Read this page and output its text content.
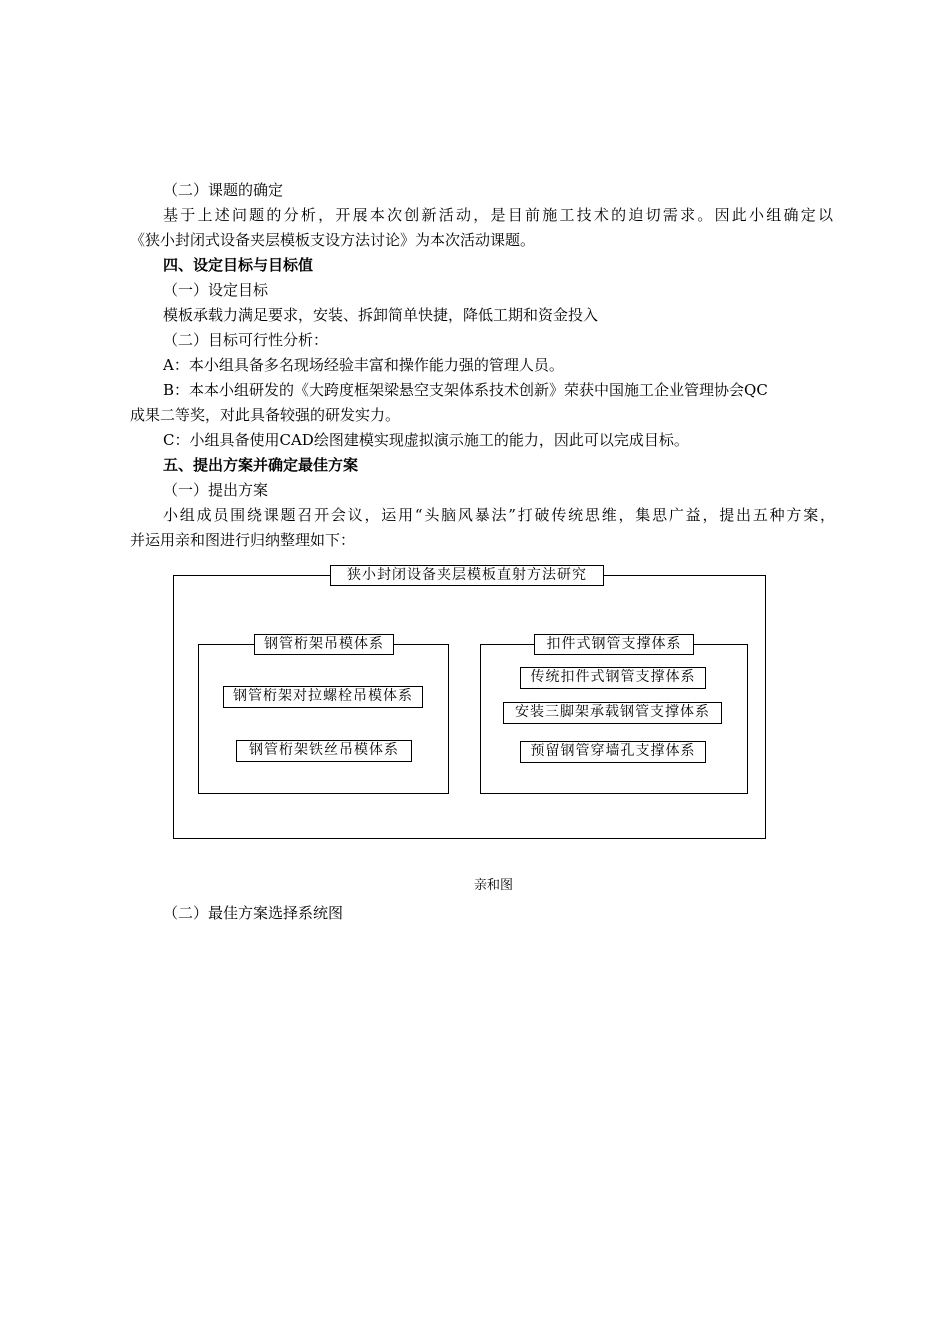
（二）课题的确定
基于上述问题的分析，开展本次创新活动，是目前施工技术的迫切需求。因此小组确定以
《狭小封闭式设备夹层模板支设方法讨论》为本次活动课题。
四、设定目标与目标值
（一）设定目标
模板承载力满足要求，安装、拆卸简单快捷，降低工期和资金投入
（二）目标可行性分析：
A：本小组具备多名现场经验丰富和操作能力强的管理人员。
B：本本小组研发的《大跨度框架梁悬空支架体系技术创新》荣获中国施工企业管理协会QC
成果二等奖，对此具备较强的研发实力。
C：小组具备使用CAD绘图建模实现虚拟演示施工的能力，因此可以完成目标。
五、提出方案并确定最佳方案
（一）提出方案
小组成员围绕课题召开会议，运用“头脑风暴法”打破传统思维，集思广益，提出五种方案，
并运用亲和图进行归纳整理如下：
狭小封闭设备夹层模板直射方法研究
钢管桁架吊模体系
钢管桁架对拉螺栓吊模体系
钢管桁架铁丝吊模体系
扣件式钢管支撑体系
传统扣件式钢管支撑体系
安装三脚架承载钢管支撑体系
预留钢管穿墙孔支撑体系
亲和图
（二）最佳方案选择系统图
